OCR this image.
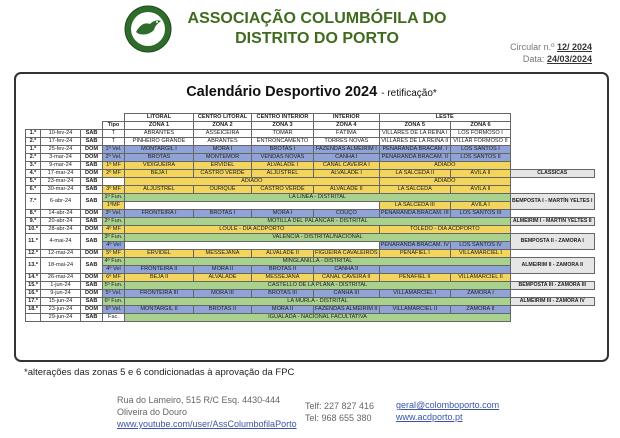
ASSOCIAÇÃO COLUMBÓFILA DO
DISTRITO DO PORTO	Circular n.º 12/ 2024
Data: 24/03/2024
Calendário Desportivo 2024 - retificação*
				LITORAL	CENTRO LITORAL	CENTRO INTERIOR	INTERIOR	LESTE		
			Tipo	ZONA 1	ZONA 2	ZONA 3	ZONA 4	ZONA 5	ZONA 6	
1.º	10-fev-24	SAB	T	ABRANTES	ASSEICEIRA	TOMAR	FÁTIMA	VILLARES DE LA REINA I	LOS FORMOSO I	
2.º	17-fev-24	SAB	T	PINHEIRO GRANDE	ABRANTES	ENTRONCAMENTO	TORRES NOVAS	VILLARES DE LA REINA II	VILLAR FORMOSO II	
1.º	25-fev-24	DOM	1º Vel.	MONTARGIL I	MORA I	BROTAS I	FAZENDAS ALMEIRIM I	PEÑARANDA BRACAM. I	LOS SANTOS I	
2.º	3-mar-24	DOM	2º Vel.	BROTAS	MONTEMOR	VENDAS NOVAS	CANHA I	PEÑARANDA BRACAM. II	LOS SANTOS II	
3.º	9-mar-24	SAB	1º MF	VIDIGUEIRA	ERVIDEL	ALVALADE I	CANAL CAVEIRA I	ADIADO		
4.º	17-mar-24	DOM	2º MF	BEJA I	CASTRO VERDE	ALJUSTREL	ALVALADE I	LA SALCEDA II	ÁVILA II	CLÁSSICAS
5.º	23-mar-24	SAB		ADIADO				ADIADO		
6.º	30-mar-24	SAB	3º MF	ALJUSTREL	OURIQUE	CASTRO VERDE	ALVALADE II	LA SALCEDA	ÁVILA II	
7.º	6-abr-24	SAB	1º Fun.	LA LÍNEA - DISTRITAL						BEMPOSTA I - MARTÍN YELTES I
			1ºMF					LA SALCEDA III	ÁVILA I	
8.º	14-abr-24	DOM	3º Vel.	FRONTEIRA I	BROTAS I	MORA I	COUÇO	PEÑARANDA BRACAM. III	LOS SANTOS III	
9.º	20-abr-24	SAB	2º Fun.	MOTILLA DEL PALANCAR - DISTRITAL						ALMEIRIM I - MARTÍN YELTES II
10.º	28-abr-24	DOM	4º MF	LOULÉ - DIA ACDPORTO				TOLEDO - DIA ACDPORTO		
11.º	4-mai-24	SAB	3º Fun.	VALÊNCIA - DISTRITAL/NACIONAL						BEMPOSTA II - ZAMORA I
			4º Vel					PEÑARANDA BRACAM. IV	LOS SANTOS IV	
12.º	12-mai-24	DOM	5º MF	ERVIDEL	MESSEJANA	ALVALADE II	FIGUEIRA CAVALEIROS	PEÑAFIEL I	VILLAMARCIEL I	
13.º	18-mai-24	SAB	4º Fun.	MINGLANILLA - DISTRITAL						ALMEIRIM II - ZAMORA II
			4º Vel	FRONTEIRA II	MORA II	BROTAS II	CANHA II			
14.º	26-mai-24	DOM	6º MF	BEJA II	ALVALADE	MESSEJANA	CANAL CAVEIRA II	PEÑAFIEL II	VILLAMARCIEL II	
15.º	1-jun-24	SAB	5º Fun.	CASTELLÓ DE LA PLANA - DISTRITAL						BEMPOSTA III - ZAMORA III
16.º	9-jun-24	DOM	5º Vel.	FRONTEIRA III	MORA III	BROTAS III	CANHA III	VILLAMARCIEL I	ZAMORA I	
17.º	15-jun-24	SAB	6º Fun.	LA MURLA - DISTRITAL						ALMEIRIM III - ZAMORA IV
18.º	23-jun-24	DOM	6º Vel.	MONTARGIL II	BROTAS II	MORA II	FAZENDAS ALMEIRIM II	VILLAMARCIEL II	ZAMORA II	
	29-jun-24	SAB	Fac.	IGUALADA - NACIONAL FACULTATIVA						
*alterações das zonas 5 e 6 condicionadas à aprovação da FPC
Rua do Lameiro, 515 R/C Esq. 4430-444
Oliveira do Douro
www.youtube.com/user/AssColumbofilaPorto
Telf: 227 827 416
Tel: 968 655 380
geral@colomboporto.com
www.acdporto.pt
